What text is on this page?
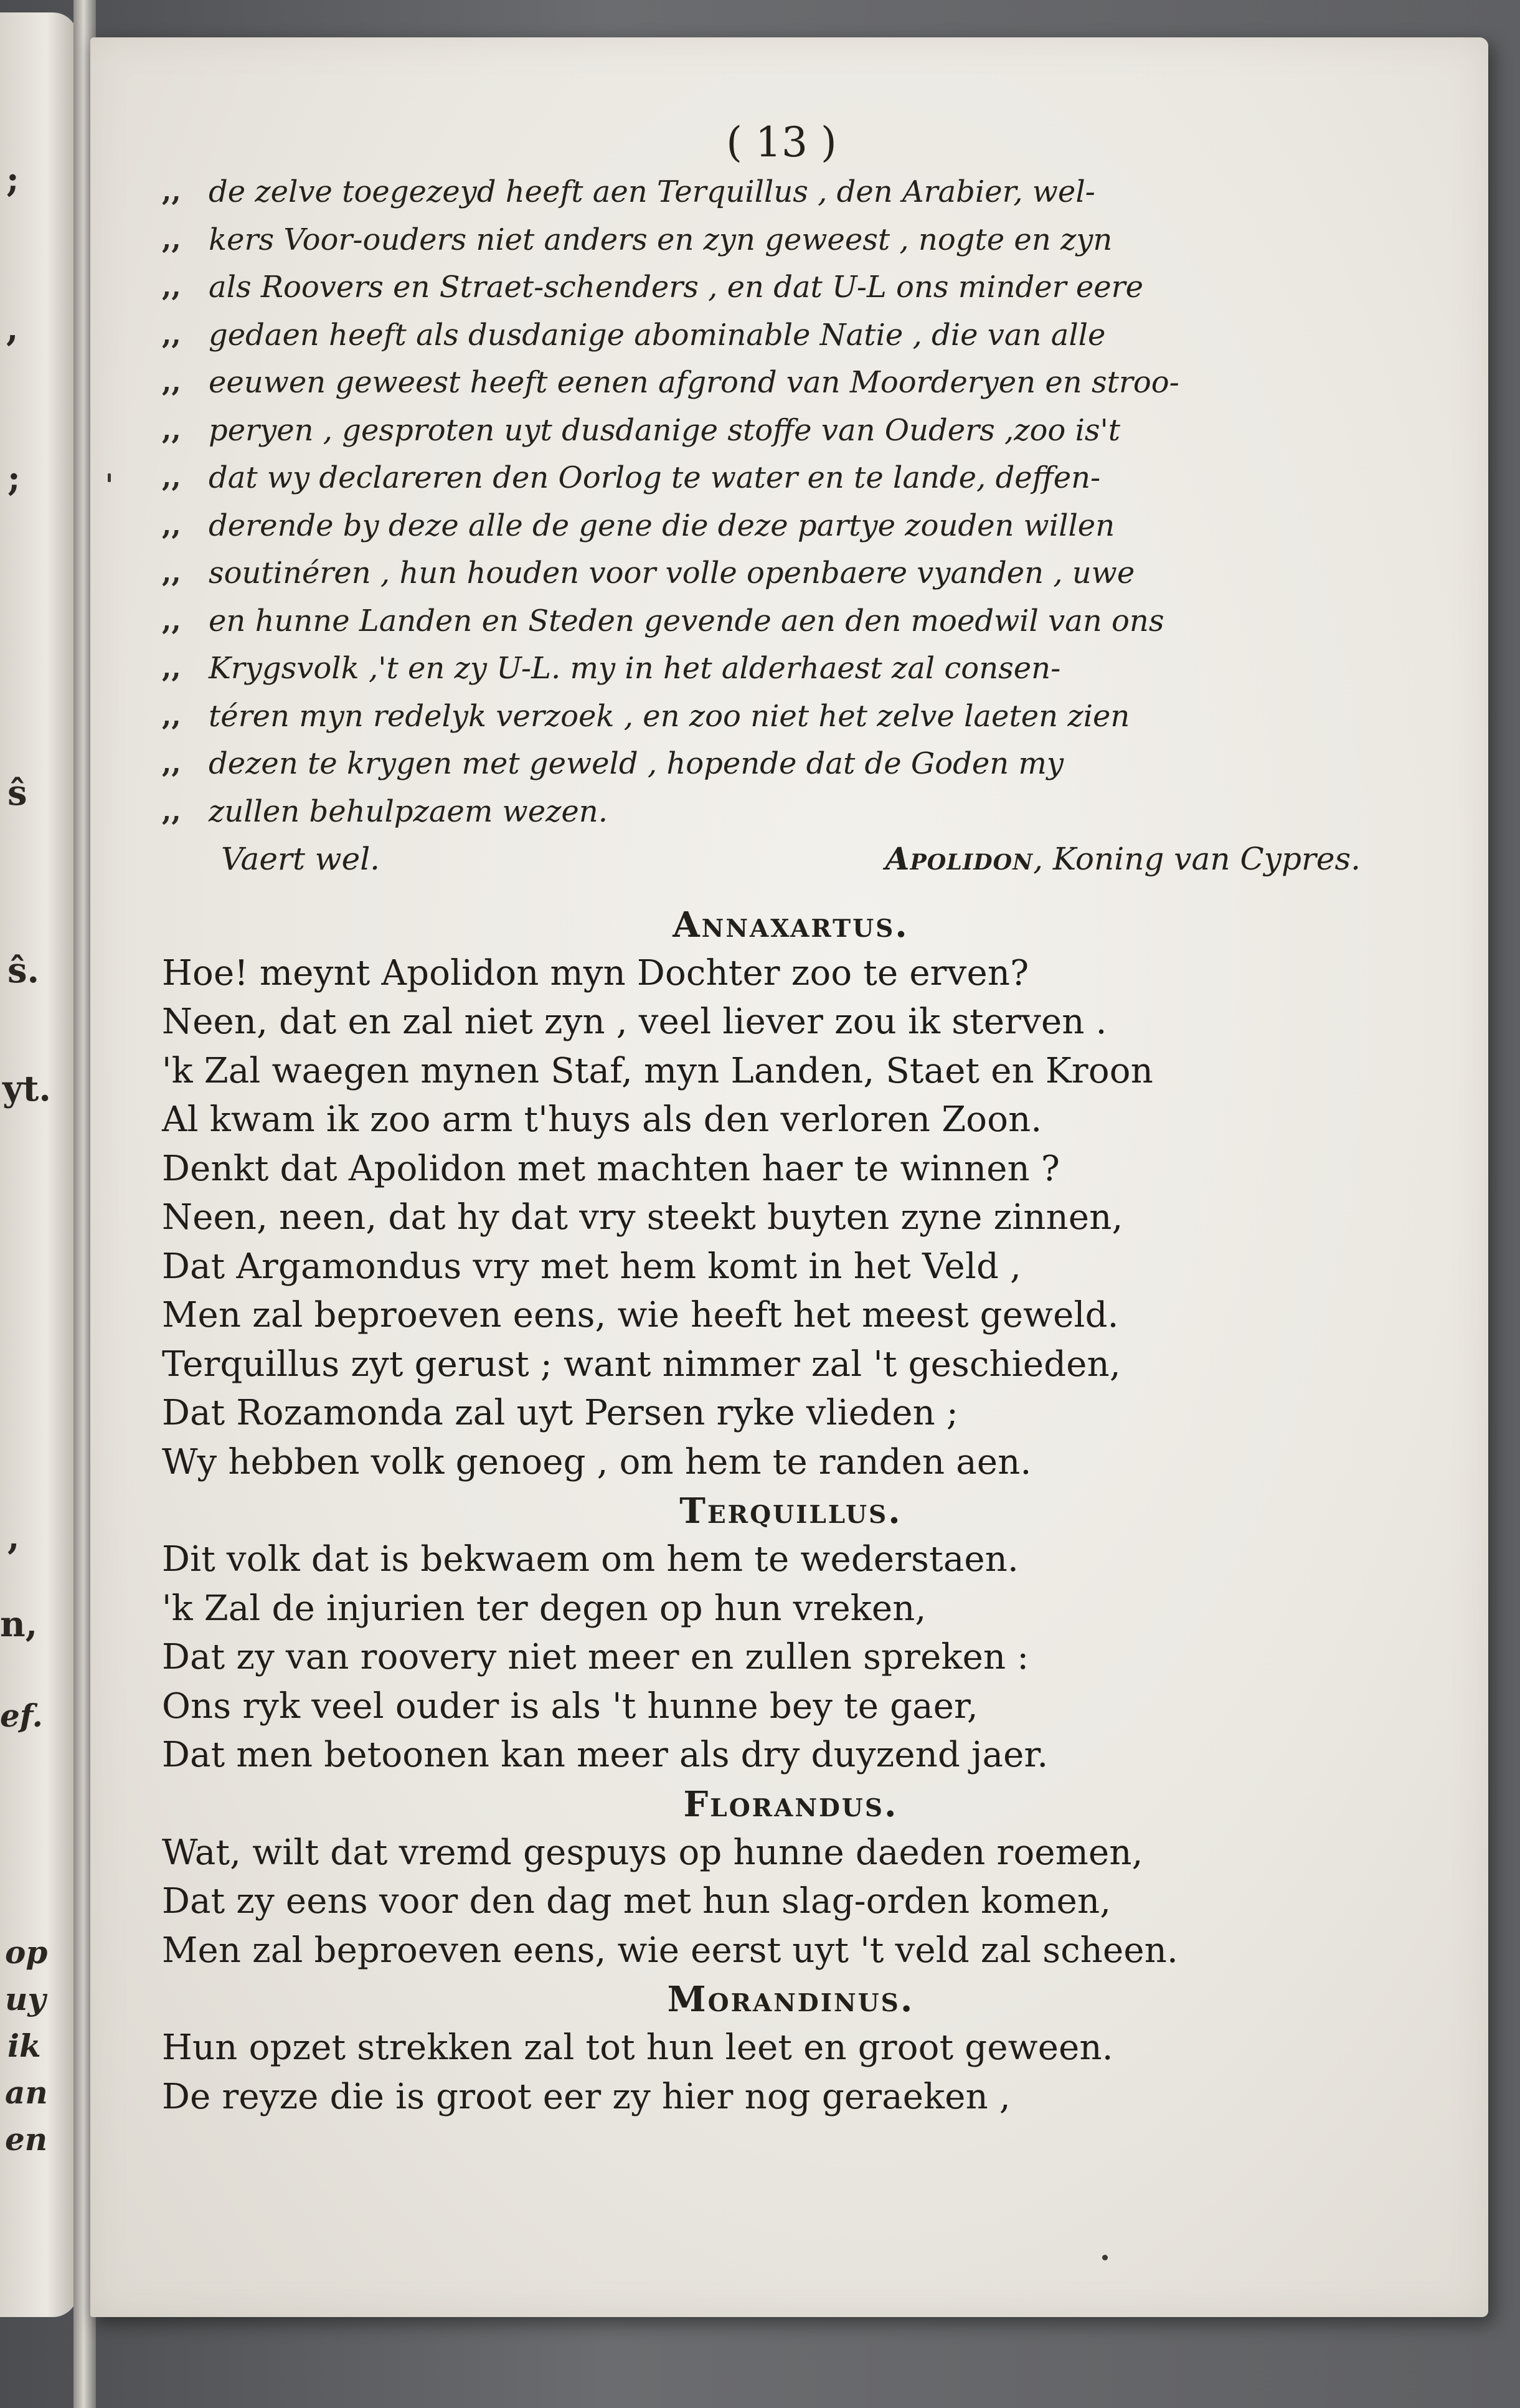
;
,
;
ŝ.
yt.
ŝ
,
n,
ef.
op
uy
ik
an
en

( 13 )

,, de zelve toegezeyd heeft aen Terquillus , den Arabier, wel-
,, kers Voor-ouders niet anders en zyn geweest , nogte en zyn
,, als Roovers en Straet-schenders , en dat U-L ons minder eere
,, gedaen heeft als dusdanige abominable Natie , die van alle
,, eeuwen geweest heeft eenen afgrond van Moorderyen en stroo-
,, peryen , gesproten uyt dusdanige stoffe van Ouders ,zoo is't
,, dat wy declareren den Oorlog te water en te lande, deffen-
,, derende by deze alle de gene die deze partye zouden willen
,, soutinéren , hun houden voor volle openbaere vyanden , uwe
,, en hunne Landen en Steden gevende aen den moedwil van ons
,, Krygsvolk ,'t en zy U-L. my in het alderhaest zal consen-
,, téren myn redelyk verzoek , en zoo niet het zelve laeten zien
,, dezen te krygen met geweld , hopende dat de Goden my
,, zullen behulpzaem wezen.
Vaert wel.	Apolidon, Koning van Cypres.
Annaxartus.
Hoe! meynt Apolidon myn Dochter zoo te erven?
Neen, dat en zal niet zyn , veel liever zou ik sterven .
'k Zal waegen mynen Staf, myn Landen, Staet en Kroon
Al kwam ik zoo arm t'huys als den verloren Zoon.
Denkt dat Apolidon met machten haer te winnen ?
Neen, neen, dat hy dat vry steekt buyten zyne zinnen,
Dat Argamondus vry met hem komt in het Veld ,
Men zal beproeven eens, wie heeft het meest geweld.
Terquillus zyt gerust ; want nimmer zal 't geschieden,
Dat Rozamonda zal uyt Persen ryke vlieden ;
Wy hebben volk genoeg , om hem te randen aen.
Terquillus.
Dit volk dat is bekwaem om hem te wederstaen.
'k Zal de injurien ter degen op hun vreken,
Dat zy van roovery niet meer en zullen spreken :
Ons ryk veel ouder is als 't hunne bey te gaer,
Dat men betoonen kan meer als dry duyzend jaer.
Florandus.
Wat, wilt dat vremd gespuys op hunne daeden roemen,
Dat zy eens voor den dag met hun slag-orden komen,
Men zal beproeven eens, wie eerst uyt 't veld zal scheen.
Morandinus.
Hun opzet strekken zal tot hun leet en groot geween.
De reyze die is groot eer zy hier nog geraeken ,
